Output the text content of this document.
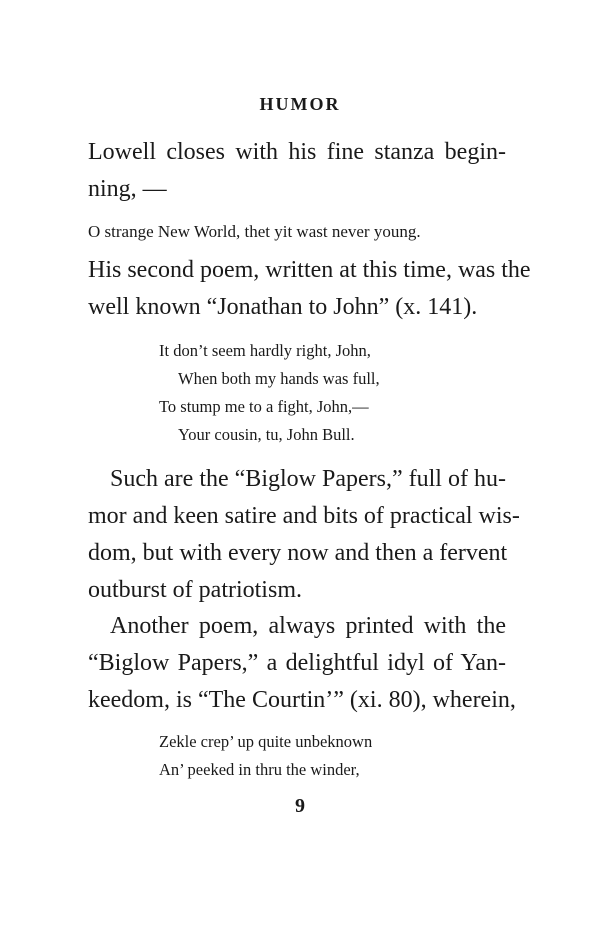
HUMOR

Lowell closes with his fine stanza begin-
ning, —

O strange New World, thet yit wast never young.

His second poem, written at this time, was the
well known “Jonathan to John” (x. 141).

It don’t seem hardly right, John,
When both my hands was full,
To stump me to a fight, John,—
Your cousin, tu, John Bull.

Such are the “Biglow Papers,” full of hu-
mor and keen satire and bits of practical wis-
dom, but with every now and then a fervent
outburst of patriotism.

Another poem, always printed with the
“Biglow Papers,” a delightful idyl of Yan-
keedom, is “The Courtin’” (xi. 80), wherein,

Zekle crep’ up quite unbeknown
An’ peeked in thru the winder,
9
